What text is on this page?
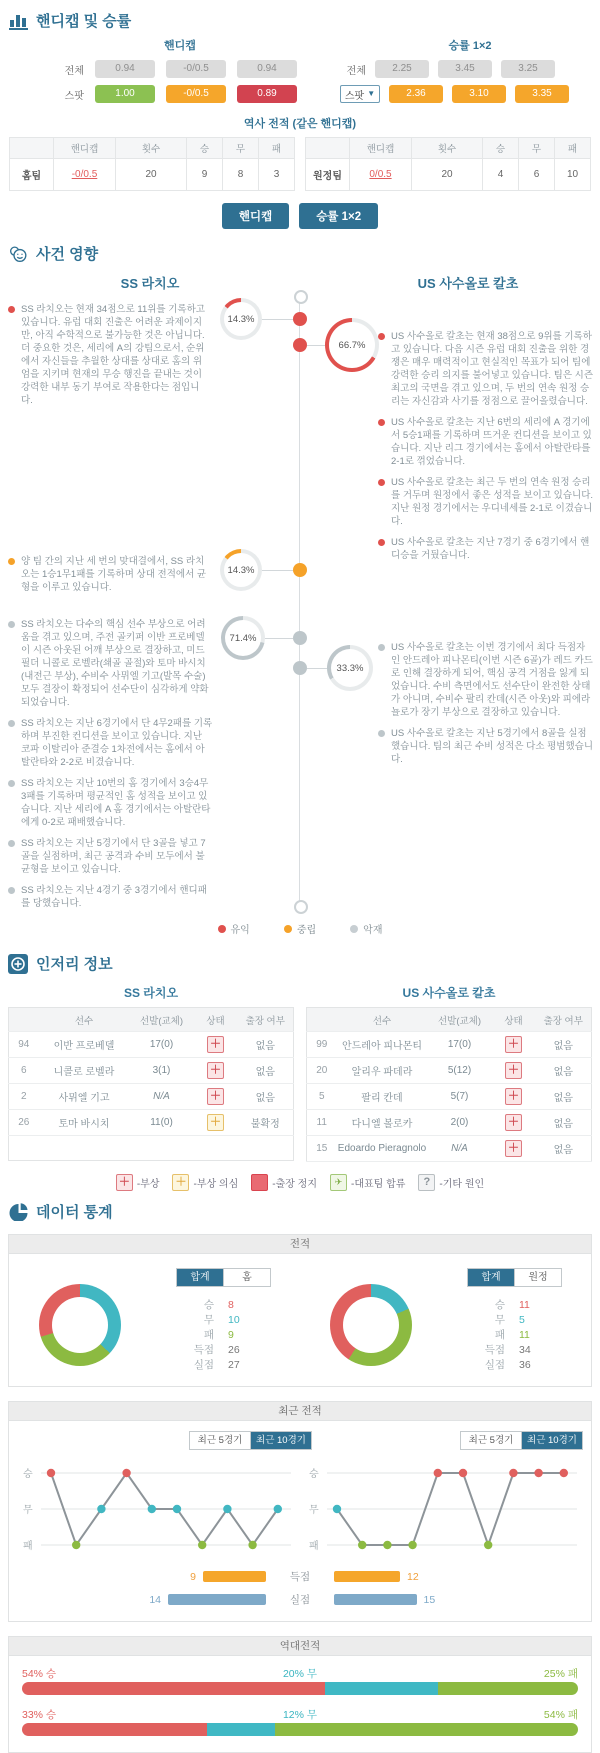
핸디캡 및 승률
핸디캡
전체	0.94	-0/0.5	0.94
스팟	1.00	-0/0.5	0.89
승률 1×2
전체	2.25	3.45	3.25
스팟 ▼	2.36	3.10	3.35
역사 전적 (같은 핸디캡)
	핸디캡	횟수	승	무	패
홈팀	-0/0.5	20	9	8	3
	핸디캡	횟수	승	무	패
원정팀	0/0.5	20	4	6	10
핸디캡	승률 1×2
사건 영향
SS 라치오	US 사수올로 칼초
14.3%
66.7%
14.3%
71.4%
33.3%
SS 라치오는 현재 34점으로 11위를 기록하고 있습니다. 유럽 대회 진출은 어려운 과제이지만, 아직 수학적으로 불가능한 것은 아닙니다. 더 중요한 것은, 세리에 A의 강팀으로서, 순위에서 자신들을 추월한 상대를 상대로 홈의 위엄을 지키며 현재의 무승 행진을 끝내는 것이 강력한 내부 동기 부여로 작용한다는 점입니다.
US 사수올로 칼초는 현재 38점으로 9위를 기록하고 있습니다. 다음 시즌 유럽 대회 진출을 위한 경쟁은 매우 매력적이고 현실적인 목표가 되어 팀에 강력한 승리 의지를 불어넣고 있습니다. 팀은 시즌 최고의 국면을 겪고 있으며, 두 번의 연속 원정 승리는 자신감과 사기를 정점으로 끌어올렸습니다.
US 사수올로 칼초는 지난 6번의 세리에 A 경기에서 5승1패를 기록하며 뜨거운 컨디션을 보이고 있습니다. 지난 리그 경기에서는 홈에서 아탈란타를 2-1로 꺾었습니다.
US 사수올로 칼초는 최근 두 번의 연속 원정 승리를 거두며 원정에서 좋은 성적을 보이고 있습니다. 지난 원정 경기에서는 우디네세를 2-1로 이겼습니다.
US 사수올로 칼초는 지난 7경기 중 6경기에서 핸디승을 거뒀습니다.
양 팀 간의 지난 세 번의 맞대결에서, SS 라치오는 1승1무1패를 기록하며 상대 전적에서 균형을 이루고 있습니다.
SS 라치오는 다수의 핵심 선수 부상으로 어려움을 겪고 있으며, 주전 골키퍼 이반 프로베델이 시즌 아웃된 어깨 부상으로 결장하고, 미드필더 니콜로 로벨라(쇄골 골절)와 토마 바시치(내전근 부상), 수비수 사뮈엘 기고(발목 수술) 모두 결장이 확정되어 선수단이 심각하게 약화되었습니다.
SS 라치오는 지난 6경기에서 단 4무2패를 기록하며 부진한 컨디션을 보이고 있습니다. 지난 코파 이탈리아 준결승 1차전에서는 홈에서 아탈란타와 2-2로 비겼습니다.
SS 라치오는 지난 10번의 홈 경기에서 3승4무3패를 기록하며 평균적인 홈 성적을 보이고 있습니다. 지난 세리에 A 홈 경기에서는 아탈란타에게 0-2로 패배했습니다.
SS 라치오는 지난 5경기에서 단 3골을 넣고 7골을 실점하며, 최근 공격과 수비 모두에서 불균형을 보이고 있습니다.
SS 라치오는 지난 4경기 중 3경기에서 핸디패를 당했습니다.
US 사수올로 칼초는 이번 경기에서 최다 득점자인 안드레아 피나몬티(이번 시즌 6골)가 레드 카드로 인해 결장하게 되어, 핵심 공격 거점을 잃게 되었습니다. 수비 측면에서도 선수단이 완전한 상태가 아니며, 수비수 팔리 칸데(시즌 아웃)와 피에라뇰로가 장기 부상으로 결장하고 있습니다.
US 사수올로 칼초는 지난 5경기에서 8골을 실점했습니다. 팀의 최근 수비 성적은 다소 평범했습니다.
유익	중립	악재
인저리 정보
SS 라치오
	선수	선발(교체)	상태	출장 여부
94	이반 프로베델	17(0)	＋	없음
6	니콜로 로벨라	3(1)	＋	없음
2	사뮈엘 기고	N/A	＋	없음
26	토마 바시치	11(0)	＋	불확정

US 사수올로 칼초
	선수	선발(교체)	상태	출장 여부
99	안드레아 피나몬티	17(0)	＋	없음
20	알리우 파데라	5(12)	＋	없음
5	팔리 칸데	5(7)	＋	없음
11	다니엘 볼로카	2(0)	＋	없음
15	Edoardo Pieragnolo	N/A	＋	없음
＋ -부상 ＋ -부상 의심	-출장 정지	✈ -대표팀 합류	? -기타 원인
데이터 통계
전적
합계	홈
승 8
무 10
패 9
득점 26
실점 27
합계	원정
승 11
무 5
패 11
득점 34
실점 36
최근 전적
최근 5경기	최근 10경기	최근 5경기	최근 10경기
승
무
패
승
무
패
9	득점	12
14	실점	15
역대전적
54% 승	20% 무	25% 패
33% 승	12% 무	54% 패
